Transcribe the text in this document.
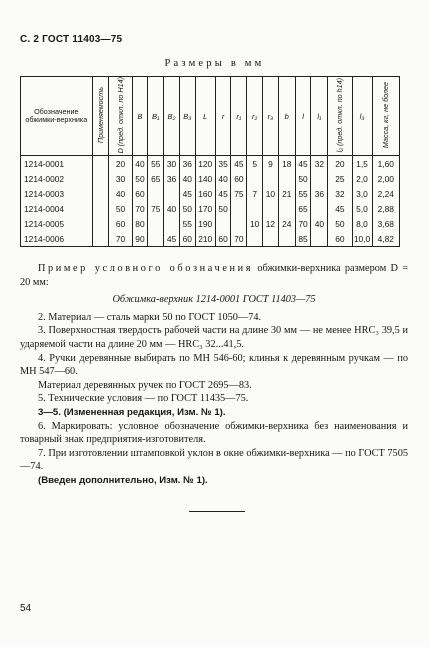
С. 2 ГОСТ 11403—75
Размеры в мм
Обозначение обжимки-верхника	Применяемость	D (пред. откл. по H14)	B	B₁	B₂	B₃	L	r	r₁	r₂	r₃	b	l	l₁	l₂ (пред. откл. по h14)	l₃	Масса, кг, не более
1214-0001		20	40	55	30	36	120	35	45	5	9	18	45	32	20	1,5	1,60
1214-0002		30	50	65	36	40	140	40	60				50		25	2,0	2,00
1214-0003		40	60			45	160	45	75	7	10	21	55	36	32	3,0	2,24
1214-0004		50	70	75	40	50	170	50					65		45	5,0	2,88
1214-0005		60	80			55	190			10	12	24	70	40	50	8,0	3,68
1214-0006		70	90		45	60	210	60	70				85		60	10,0	4,82

Пример условного обозначения обжимки-верхника размером D = 20 мм:

Обжимка-верхник 1214-0001 ГОСТ 11403—75

2. Материал — сталь марки 50 по ГОСТ 1050—74.

3. Поверхностная твердость рабочей части на длине 30 мм — не менее HRC₃ 39,5 и ударяемой части на длине 20 мм — HRC₃ 32...41,5.

4. Ручки деревянные выбирать по МН 546-60; клинья к деревянным ручкам — по МН 547—60.

Материал деревянных ручек по ГОСТ 2695—83.

5. Технические условия — по ГОСТ 11435—75.

3—5. (Измененная редакция, Изм. № 1).

6. Маркировать: условное обозначение обжимки-верхника без наименования и товарный знак предприятия-изготовителя.

7. При изготовлении штамповкой уклон в окне обжимки-верхника — по ГОСТ 7505—74.

(Введен дополнительно, Изм. № 1).

54
